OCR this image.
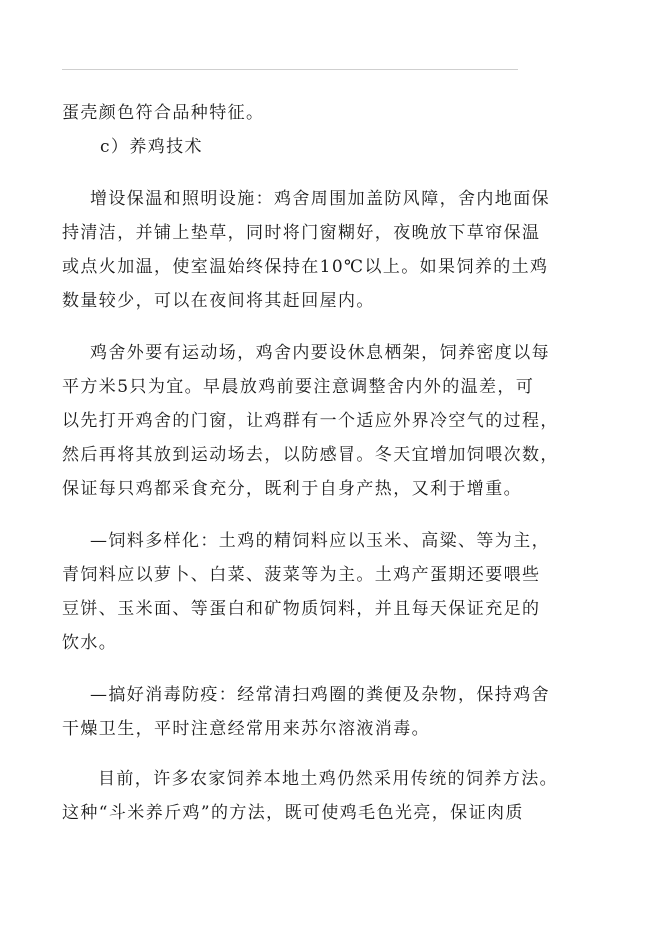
蛋壳颜色符合品种特征。

c）养鸡技术

增设保温和照明设施：鸡舍周围加盖防风障，舍内地面保
持清洁，并铺上垫草，同时将门窗糊好，夜晚放下草帘保温
或点火加温，使室温始终保持在10℃以上。如果饲养的土鸡
数量较少，可以在夜间将其赶回屋内。

鸡舍外要有运动场，鸡舍内要设休息栖架，饲养密度以每
平方米5只为宜。早晨放鸡前要注意调整舍内外的温差，可
以先打开鸡舍的门窗，让鸡群有一个适应外界冷空气的过程，
然后再将其放到运动场去，以防感冒。冬天宜增加饲喂次数，
保证每只鸡都采食充分，既利于自身产热，又利于增重。

—饲料多样化：土鸡的精饲料应以玉米、高粱、等为主，
青饲料应以萝卜、白菜、菠菜等为主。土鸡产蛋期还要喂些
豆饼、玉米面、等蛋白和矿物质饲料，并且每天保证充足的
饮水。

—搞好消毒防疫：经常清扫鸡圈的粪便及杂物，保持鸡舍
干燥卫生，平时注意经常用来苏尔溶液消毒。

目前，许多农家饲养本地土鸡仍然采用传统的饲养方法。
这种“斗米养斤鸡”的方法，既可使鸡毛色光亮，保证肉质
